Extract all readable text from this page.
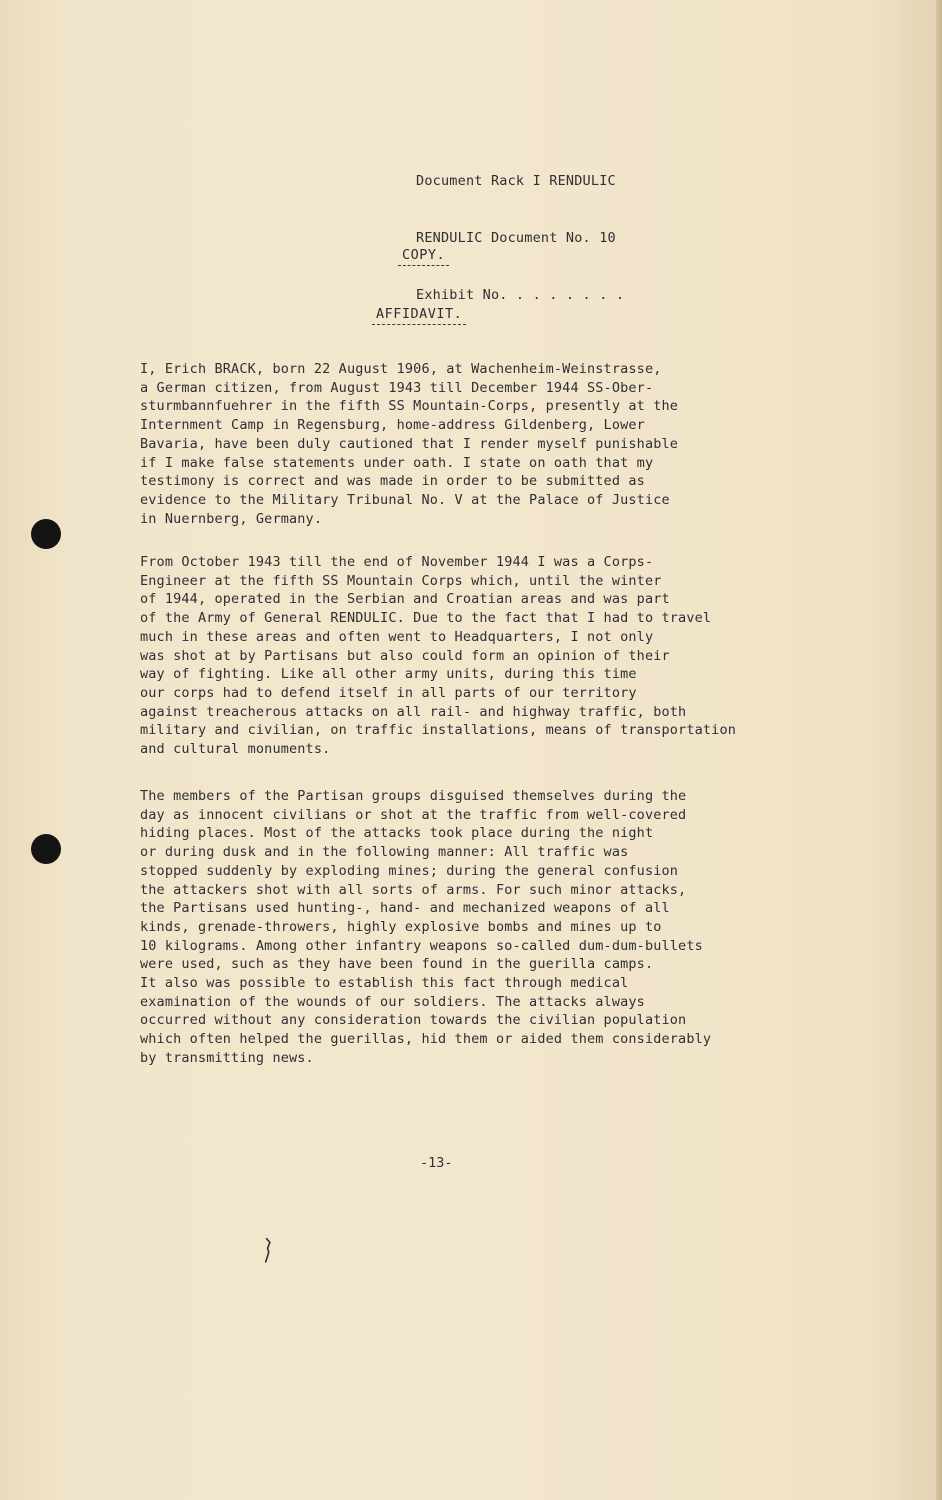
Document Rack I RENDULIC

RENDULIC Document No. 10

Exhibit No. . . . . . . .

COPY.
AFFIDAVIT.
I, Erich BRACK, born 22 August 1906, at Wachenheim-Weinstrasse,
a German citizen, from August 1943 till December 1944 SS-Ober-
sturmbannfuehrer in the fifth SS Mountain-Corps, presently at the
Internment Camp in Regensburg, home-address Gildenberg, Lower
Bavaria, have been duly cautioned that I render myself punishable
if I make false statements under oath. I state on oath that my
testimony is correct and was made in order to be submitted as
evidence to the Military Tribunal No. V at the Palace of Justice
in Nuernberg, Germany.
From October 1943 till the end of November 1944 I was a Corps-
Engineer at the fifth SS Mountain Corps which, until the winter
of 1944, operated in the Serbian and Croatian areas and was part
of the Army of General RENDULIC. Due to the fact that I had to travel
much in these areas and often went to Headquarters, I not only
was shot at by Partisans but also could form an opinion of their
way of fighting. Like all other army units, during this time
our corps had to defend itself in all parts of our territory
against treacherous attacks on all rail- and highway traffic, both
military and civilian, on traffic installations, means of transportation
and cultural monuments.
The members of the Partisan groups disguised themselves during the
day as innocent civilians or shot at the traffic from well-covered
hiding places. Most of the attacks took place during the night
or during dusk and in the following manner: All traffic was
stopped suddenly by exploding mines; during the general confusion
the attackers shot with all sorts of arms. For such minor attacks,
the Partisans used hunting-, hand- and mechanized weapons of all
kinds, grenade-throwers, highly explosive bombs and mines up to
10 kilograms. Among other infantry weapons so-called dum-dum-bullets
were used, such as they have been found in the guerilla camps.
It also was possible to establish this fact through medical
examination of the wounds of our soldiers. The attacks always
occurred without any consideration towards the civilian population
which often helped the guerillas, hid them or aided them considerably
by transmitting news.
-13-
